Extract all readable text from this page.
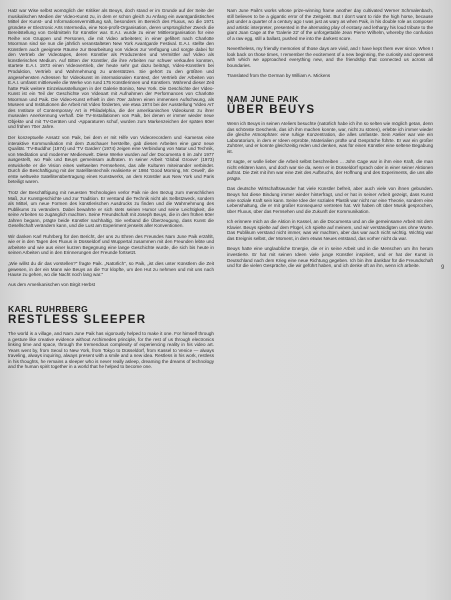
Hatz war Wise selbst womöglich der Kritiker als Beuys, doch stand er im Grunde auf der Seite der musikalischen Medien der Video-Kunst zu, in dem er schon gleich zu Anfang ein avantgardistisches Mittel der Kunst- und Informationsvermittlung sah, besonders im Bereich des Fluxus, wo die 1971 gründete er Electronic Arts Intermedia, eine Non-profit-Organisation, deren ursprünglicher Zweck die Bereitstellung von Geldmitteln für Künstler war. E.A.I. wurde zu einer Mittlerorganisation für eine Reihe von Gruppen und Personen, die mit Video arbeiteten; in einer gefiltert nach Charlotte Moorman sind sie nun die jährlich veranstalteten New York Avantgarde Festival. E.A.I. stellte den Künstlern auch geeignete Räume zur Bearbeitung von Videos zur Verfügung und sorgte dabei für den Vertrieb der Videotapes, deren Künstler als Produzenten und Vermittler auf Video als künstlerisches Medium. Auf Bitten der Künstler, die ihre Arbeiten nur schwer verkaufen konnten, startete E.A.I. 1973 einen Videovertrieb, der heute sehr gut dazu beiträgt, Video-Künstlern bei Produktion, Vertrieb und Wahrnehmung zu unterstützen. Sie gehört zu den größten und angesehensten Adressen für Videokunst im internationalen Kontext, der Vertrieb der Arbeiten von E.A.I. umfasst mittlerweile die Werke von rund 175 Künstlerinnen und Künstlern. Während dieser Zeit hatte Paik weitere Einzelausstellungen in der Galerie Bonino, New York. Die Geschichte der Video-Kunst ist ein Teil der Geschichte von Videoart mit Aufnahmen der Performances von Charlotte Moorman und Paik. Die Video-Kunst erhielt in den 70er Jahren einen immensen Aufschwung, als Museen und Institutionen die Arbeit mit Video förderten, wie etwa 1974 bei der Ausstellung 'Video Art' des Institute of Contemporary Art in Philadelphia, die der amerikanischen Videokunst zu ihrer musealen Anerkennung verhalf. Die TV-Installationen von Paik, bei denen er immer wieder neue Objekte und mit TV-Geräten und -Apparaturen schuf, wurden zum Markenzeichen der späten 60er und frühen 70er Jahre.

Der konzeptuelle Ansatz von Paik, bei dem er mit Hilfe von Videorecordern und -kameras eine interaktive Kommunikation mit dem Zuschauer herstellte, gab diesen Arbeiten eine ganz neue Qualität. 'TV-Buddha' (1974) und 'TV Garden' (1974) zeigen eine Verbindung von Natur und Technik, von Meditation und moderner Medienwelt. Diese Werke wurden auf der Documenta 6 im Jahr 1977 ausgestellt, wo Paik und Beuys gemeinsam auftraten. In seiner Arbeit 'Global Groove' (1973) entwickelte er die Vision eines weltweiten Fernsehens, das alle Kulturen miteinander verbindet. Durch die Beschäftigung mit der Satellitentechnik realisierte er 1984 'Good Morning, Mr. Orwell', die erste weltweite Satellitenübertragung eines Kunstwerks, an dem Künstler aus New York und Paris beteiligt waren.

Trotz der Beschäftigung mit neuesten Technologien verlor Paik nie den Bezug zum menschlichen Maß, zur Kunstgeschichte und zur Tradition. Er verstand die Technik nicht als Selbstzweck, sondern als Mittel, um neue Formen des künstlerischen Ausdrucks zu finden und die Wahrnehmung des Publikums zu verändern. Dabei bewahrte er sich stets seinen Humor und seine Leichtigkeit, die seine Arbeiten so zugänglich machten. Seine Freundschaft mit Joseph Beuys, die in den frühen 60er Jahren begann, prägte beide Künstler nachhaltig. Sie verband die Überzeugung, dass Kunst die Gesellschaft verändern kann, und die Lust am Experiment jenseits aller Konventionen.

Wir danken Karl Ruhrberg für den Bericht, der uns zu Ehren des Freundes Nam June Paik erzählt, wie er in den Tagen des Fluxus in Düsseldorf und Wuppertal zusammen mit den Freunden lebte und arbeitete und wie aus einer kurzen Begegnung eine lange Geschichte wurde, die sich bis heute in seinen Arbeiten und in den Erinnerungen der Freunde fortsetzt.

„Wie willst du dir das vorstellen?" fragte Paik. „Natürlich", so Paik, „ist dies unter Künstlern die Zeit gewesen, in der ein Mann wie Beuys an die Tür klopfte, um den Hut zu nehmen und mit uns nach Hause zu gehen, wo die Nacht noch lang war."

Aus dem Amerikanischen von Birgit Herbst

KARL RUHRBERG
RESTLESS SLEEPER

The world is a village, and Nam June Paik has vigorously helped to make it one. For himself through a gesture like creative evidence without Archimedes principle, for the rest of us through electronics linking time and space, through the tremendous complexity of experiencing reality in his video art. Years went by, from Seoul to New York, from Tokyo to Düsseldorf, from Kassel to Venice — always traveling, always inquiring, always present with a smile and a new idea. Restless in his work, restless in his thoughts, he remains a sleeper who is never really asleep, dreaming the dreams of technology and the human spirit together in a world that he helped to become one.

Nam June Paik's works whose prize-winning frame another day cultivated Werner Schmalenbach, still believes to be a gigantic error of the Zeitgeist. But I don't want to ride the high horse, because just under a quarter of a century ago I was just as wary as when Paik, in his double role as composer and artistic interpreter, presented in the alternating play of ecstasy and lethargy his loud tribute to the giant Joan Cage at the 'Galerie 22' of the unforgettable Jean Pierre Wilhelm, whereby the confusion of a raw egg, still a ballast, pushed me into the darkest score.

Nevertheless, my friendly memories of those days are vivid, and I have kept them ever since. When I look back on those times, I remember the excitement of a new beginning, the curiosity and openness with which we approached everything new, and the friendship that connected us across all boundaries.

Translated from the German by William A. Mickens

NAM JUNE PAIK
ÜBER BEUYS

Wenn ich Beuys in seinen Ateliers besuchte (natürlich habe ich ihn so selten wie möglich getan, denn das schönste Geschenk, das ich ihm machen konnte, war, nicht zu stören), erlebte ich immer wieder die gleiche Atmosphäre: eine ruhige Konzentration, die alles umfasste. Sein Atelier war wie ein Laboratorium, in dem er Ideen erprobte, Materialien prüfte und Gespräche führte. Er war ein großer Zuhörer, und er konnte gleichzeitig reden und denken, was für einen Künstler eine seltene Begabung ist.

Er sagte, er wolle lieber die Arbeit selbst beschreiben ... John Cage war in ihm eine Kraft, die man nicht erklären kann, und doch war sie da, wenn er in Düsseldorf sprach oder in einer seiner Aktionen auftrat. Die Zeit mit ihm war eine Zeit des Aufbruchs, der Hoffnung und des Experiments, die uns alle prägte.

Das deutsche Wirtschaftswunder hat viele Künstler befreit, aber auch viele von ihnen gebunden. Beuys hat diese Bindung immer wieder hinterfragt, und er hat in seiner Arbeit gezeigt, dass Kunst eine soziale Kraft sein kann. Seine Idee der sozialen Plastik war nicht nur eine Theorie, sondern eine Lebenshaltung, die er mit großer Konsequenz vertreten hat. Wir haben oft über Musik gesprochen, über Fluxus, über das Fernsehen und die Zukunft der Kommunikation.

Ich erinnere mich an die Aktion in Kassel, an die Documenta und an die gemeinsame Arbeit mit dem Klavier. Beuys spielte auf dem Flügel, ich spielte auf meinem, und wir verständigten uns ohne Worte. Das Publikum verstand nicht immer, was wir machten, aber das war auch nicht wichtig. Wichtig war das Ereignis selbst, der Moment, in dem etwas Neues entstand, das vorher nicht da war.

Beuys hatte eine unglaubliche Energie, die er in seine Arbeit und in die Menschen um ihn herum investierte. Er hat mit seinen Ideen viele junge Künstler inspiriert, und er hat der Kunst in Deutschland nach dem Krieg eine neue Richtung gegeben. Ich bin ihm dankbar für die Freundschaft und für die vielen Gespräche, die wir geführt haben, und ich denke oft an ihn, wenn ich arbeite.	9
